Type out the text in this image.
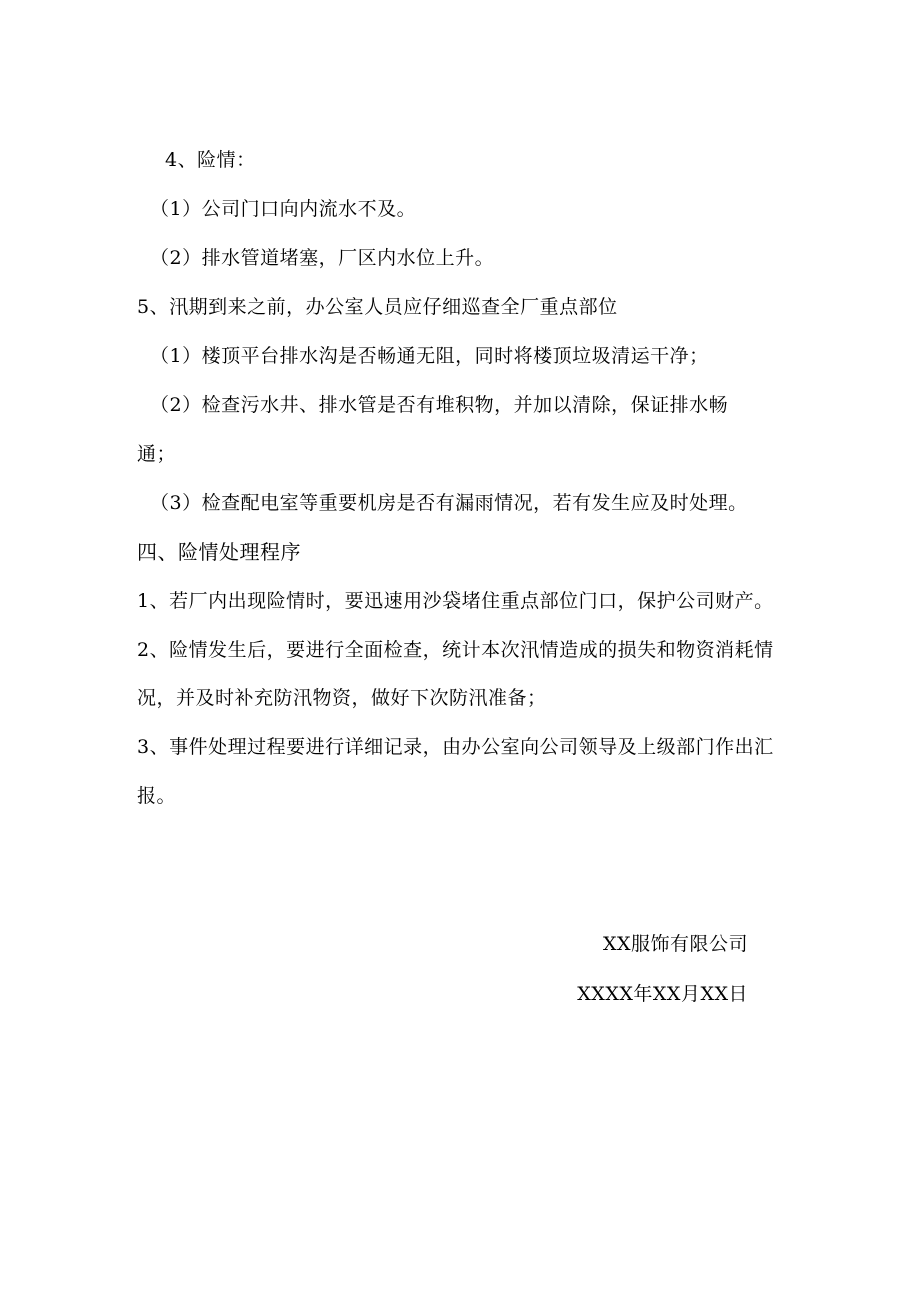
4、险情：
（1）公司门口向内流水不及。
（2）排水管道堵塞，厂区内水位上升。
5、汛期到来之前，办公室人员应仔细巡查全厂重点部位
（1）楼顶平台排水沟是否畅通无阻，同时将楼顶垃圾清运干净；
（2）检查污水井、排水管是否有堆积物，并加以清除，保证排水畅
通；
（3）检查配电室等重要机房是否有漏雨情况，若有发生应及时处理。
四、险情处理程序
1、若厂内出现险情时，要迅速用沙袋堵住重点部位门口，保护公司财产。
2、险情发生后，要进行全面检查，统计本次汛情造成的损失和物资消耗情
况，并及时补充防汛物资，做好下次防汛准备；
3、事件处理过程要进行详细记录，由办公室向公司领导及上级部门作出汇
报。
XX服饰有限公司
XXXX年XX月XX日
